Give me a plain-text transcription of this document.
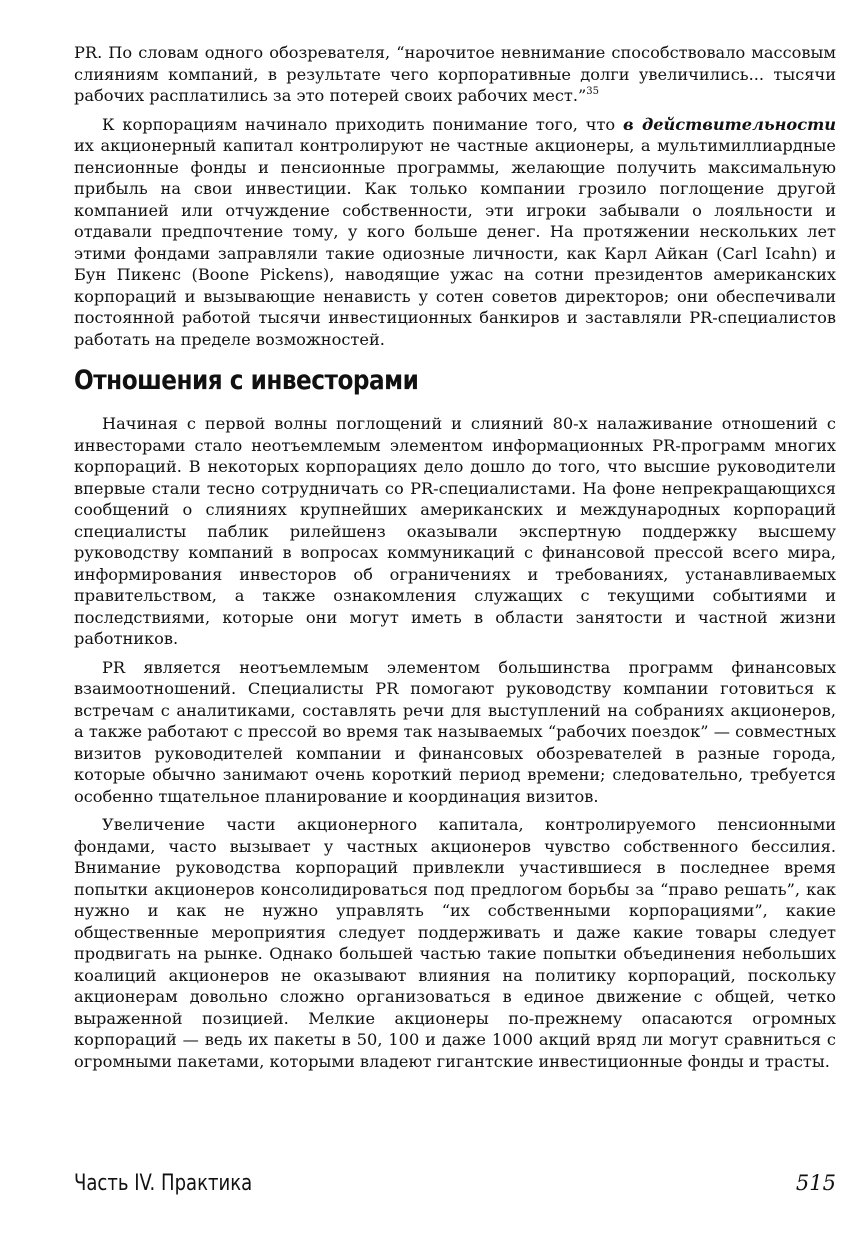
PR. По словам одного обозревателя, “нарочитое невнимание способствовало массовым слияниям компаний, в результате чего корпоративные долги увеличились... тысячи рабочих расплатились за это потерей своих рабочих мест.”$^{35}$

К корпорациям начинало приходить понимание того, что в действительности их акционерный капитал контролируют не частные акционеры, а мультимиллиардные пенсионные фонды и пенсионные программы, желающие получить максимальную прибыль на свои инвестиции. Как только компании грозило поглощение другой компанией или отчуждение собственности, эти игроки забывали о лояльности и отдавали предпочтение тому, у кого больше денег. На протяжении нескольких лет этими фондами заправляли такие одиозные личности, как Карл Айкан (Carl Icahn) и Бун Пикенс (Boone Pickens), наводящие ужас на сотни президентов американских корпораций и вызывающие ненависть у сотен советов директоров; они обеспечивали постоянной работой тысячи инвестиционных банкиров и заставляли PR-специалистов работать на пределе возможностей.

Отношения с инвесторами

Начиная с первой волны поглощений и слияний 80-х налаживание отношений с инвесторами стало неотъемлемым элементом информационных PR-программ многих корпораций. В некоторых корпорациях дело дошло до того, что высшие руководители впервые стали тесно сотрудничать со PR-специалистами. На фоне непрекращающихся сообщений о слияниях крупнейших американских и международных корпораций специалисты паблик рилейшенз оказывали экспертную поддержку высшему руководству компаний в вопросах коммуникаций с финансовой прессой всего мира, информирования инвесторов об ограничениях и требованиях, устанавливаемых правительством, а также ознакомления служащих с текущими событиями и последствиями, которые они могут иметь в области занятости и частной жизни работников.

PR является неотъемлемым элементом большинства программ финансовых взаимоотношений. Специалисты PR помогают руководству компании готовиться к встречам с аналитиками, составлять речи для выступлений на собраниях акционеров, а также работают с прессой во время так называемых “рабочих поездок” — совместных визитов руководителей компании и финансовых обозревателей в разные города, которые обычно занимают очень короткий период времени; следовательно, требуется особенно тщательное планирование и координация визитов.

Увеличение части акционерного капитала, контролируемого пенсионными фондами, часто вызывает у частных акционеров чувство собственного бессилия. Внимание руководства корпораций привлекли участившиеся в последнее время попытки акционеров консолидироваться под предлогом борьбы за “право решать”, как нужно и как не нужно управлять “их собственными корпорациями”, какие общественные мероприятия следует поддерживать и даже какие товары следует продвигать на рынке. Однако большей частью такие попытки объединения небольших коалиций акционеров не оказывают влияния на политику корпораций, поскольку акционерам довольно сложно организоваться в единое движение с общей, четко выраженной позицией. Мелкие акционеры по-прежнему опасаются огромных корпораций — ведь их пакеты в 50, 100 и даже 1000 акций вряд ли могут сравниться с огромными пакетами, которыми владеют гигантские инвестиционные фонды и трасты.

Часть IV. Практика	515
